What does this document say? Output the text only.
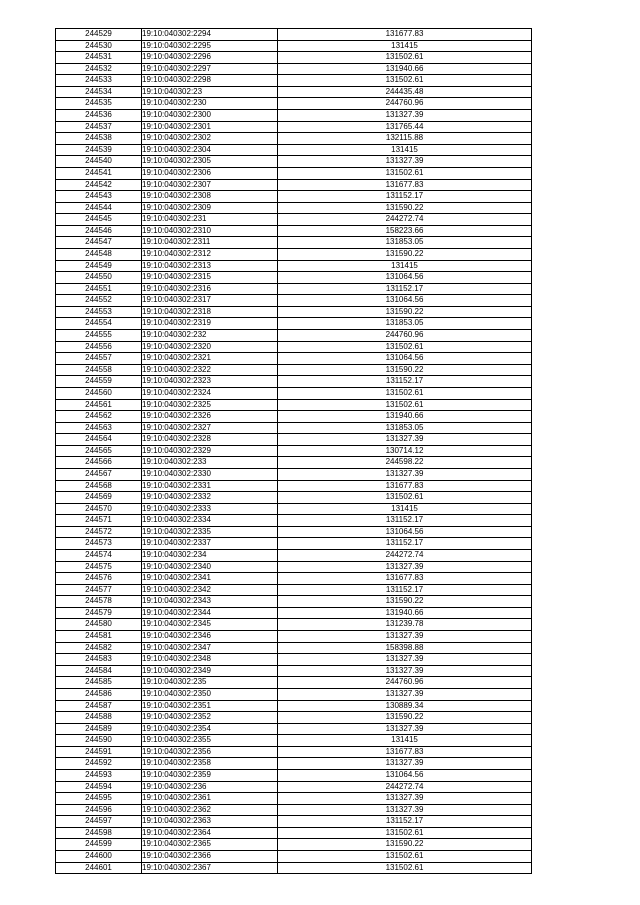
244529	19:10:040302:2294	131677.83
244530	19:10:040302:2295	131415
244531	19:10:040302:2296	131502.61
244532	19:10:040302:2297	131940.66
244533	19:10:040302:2298	131502.61
244534	19:10:040302:23	244435.48
244535	19:10:040302:230	244760.96
244536	19:10:040302:2300	131327.39
244537	19:10:040302:2301	131765.44
244538	19:10:040302:2302	132115.88
244539	19:10:040302:2304	131415
244540	19:10:040302:2305	131327.39
244541	19:10:040302:2306	131502.61
244542	19:10:040302:2307	131677.83
244543	19:10:040302:2308	131152.17
244544	19:10:040302:2309	131590.22
244545	19:10:040302:231	244272.74
244546	19:10:040302:2310	158223.66
244547	19:10:040302:2311	131853.05
244548	19:10:040302:2312	131590.22
244549	19:10:040302:2313	131415
244550	19:10:040302:2315	131064.56
244551	19:10:040302:2316	131152.17
244552	19:10:040302:2317	131064.56
244553	19:10:040302:2318	131590.22
244554	19:10:040302:2319	131853.05
244555	19:10:040302:232	244760.96
244556	19:10:040302:2320	131502.61
244557	19:10:040302:2321	131064.56
244558	19:10:040302:2322	131590.22
244559	19:10:040302:2323	131152.17
244560	19:10:040302:2324	131502.61
244561	19:10:040302:2325	131502.61
244562	19:10:040302:2326	131940.66
244563	19:10:040302:2327	131853.05
244564	19:10:040302:2328	131327.39
244565	19:10:040302:2329	130714.12
244566	19:10:040302:233	244598.22
244567	19:10:040302:2330	131327.39
244568	19:10:040302:2331	131677.83
244569	19:10:040302:2332	131502.61
244570	19:10:040302:2333	131415
244571	19:10:040302:2334	131152.17
244572	19:10:040302:2335	131064.56
244573	19:10:040302:2337	131152.17
244574	19:10:040302:234	244272.74
244575	19:10:040302:2340	131327.39
244576	19:10:040302:2341	131677.83
244577	19:10:040302:2342	131152.17
244578	19:10:040302:2343	131590.22
244579	19:10:040302:2344	131940.66
244580	19:10:040302:2345	131239.78
244581	19:10:040302:2346	131327.39
244582	19:10:040302:2347	158398.88
244583	19:10:040302:2348	131327.39
244584	19:10:040302:2349	131327.39
244585	19:10:040302:235	244760.96
244586	19:10:040302:2350	131327.39
244587	19:10:040302:2351	130889.34
244588	19:10:040302:2352	131590.22
244589	19:10:040302:2354	131327.39
244590	19:10:040302:2355	131415
244591	19:10:040302:2356	131677.83
244592	19:10:040302:2358	131327.39
244593	19:10:040302:2359	131064.56
244594	19:10:040302:236	244272.74
244595	19:10:040302:2361	131327.39
244596	19:10:040302:2362	131327.39
244597	19:10:040302:2363	131152.17
244598	19:10:040302:2364	131502.61
244599	19:10:040302:2365	131590.22
244600	19:10:040302:2366	131502.61
244601	19:10:040302:2367	131502.61
